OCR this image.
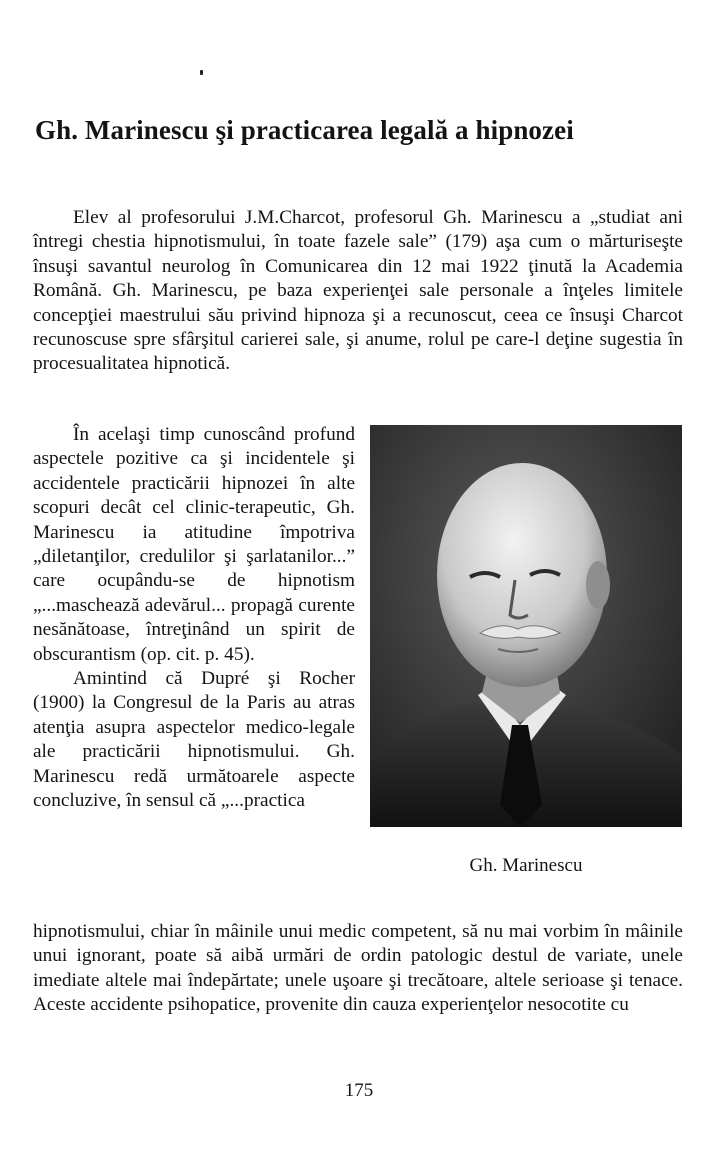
Gh. Marinescu şi practicarea legală a hipnozei

Elev al profesorului J.M.Charcot, profesorul Gh. Marinescu a „studiat ani întregi chestia hipnotismului, în toate fazele sale” (179) aşa cum o mărturiseşte însuşi savantul neurolog în Comunicarea din 12 mai 1922 ţinută la Academia Română. Gh. Marinescu, pe baza experienţei sale personale a înţeles limitele concepţiei maestrului său privind hipnoza şi a recunoscut, ceea ce însuşi Charcot recunoscuse spre sfârşitul carierei sale, şi anume, rolul pe care-l deţine sugestia în procesualitatea hipnotică.

În acelaşi timp cunoscând profund aspectele pozitive ca şi incidentele şi accidentele practicării hipnozei în alte scopuri decât cel clinic-terapeutic, Gh. Marinescu ia atitudine împotriva „diletanţilor, credulilor şi şarlatanilor...” care ocupându-se de hipnotism „...maschează adevărul... propagă curente nesănătoase, întreţinând un spirit de obscurantism (op. cit. p. 45).

Amintind că Dupré şi Rocher (1900) la Congresul de la Paris au atras atenţia asupra aspectelor medico-legale ale practicării hipnotismului. Gh. Marinescu redă următoarele aspecte concluzive, în sensul că „...practica

Gh. Marinescu

hipnotismului, chiar în mâinile unui medic competent, să nu mai vorbim în mâinile unui ignorant, poate să aibă urmări de ordin patologic destul de variate, unele imediate altele mai îndepărtate; unele uşoare şi trecătoare, altele serioase şi tenace. Aceste accidente psihopatice, provenite din cauza experienţelor nesocotite cu

175
